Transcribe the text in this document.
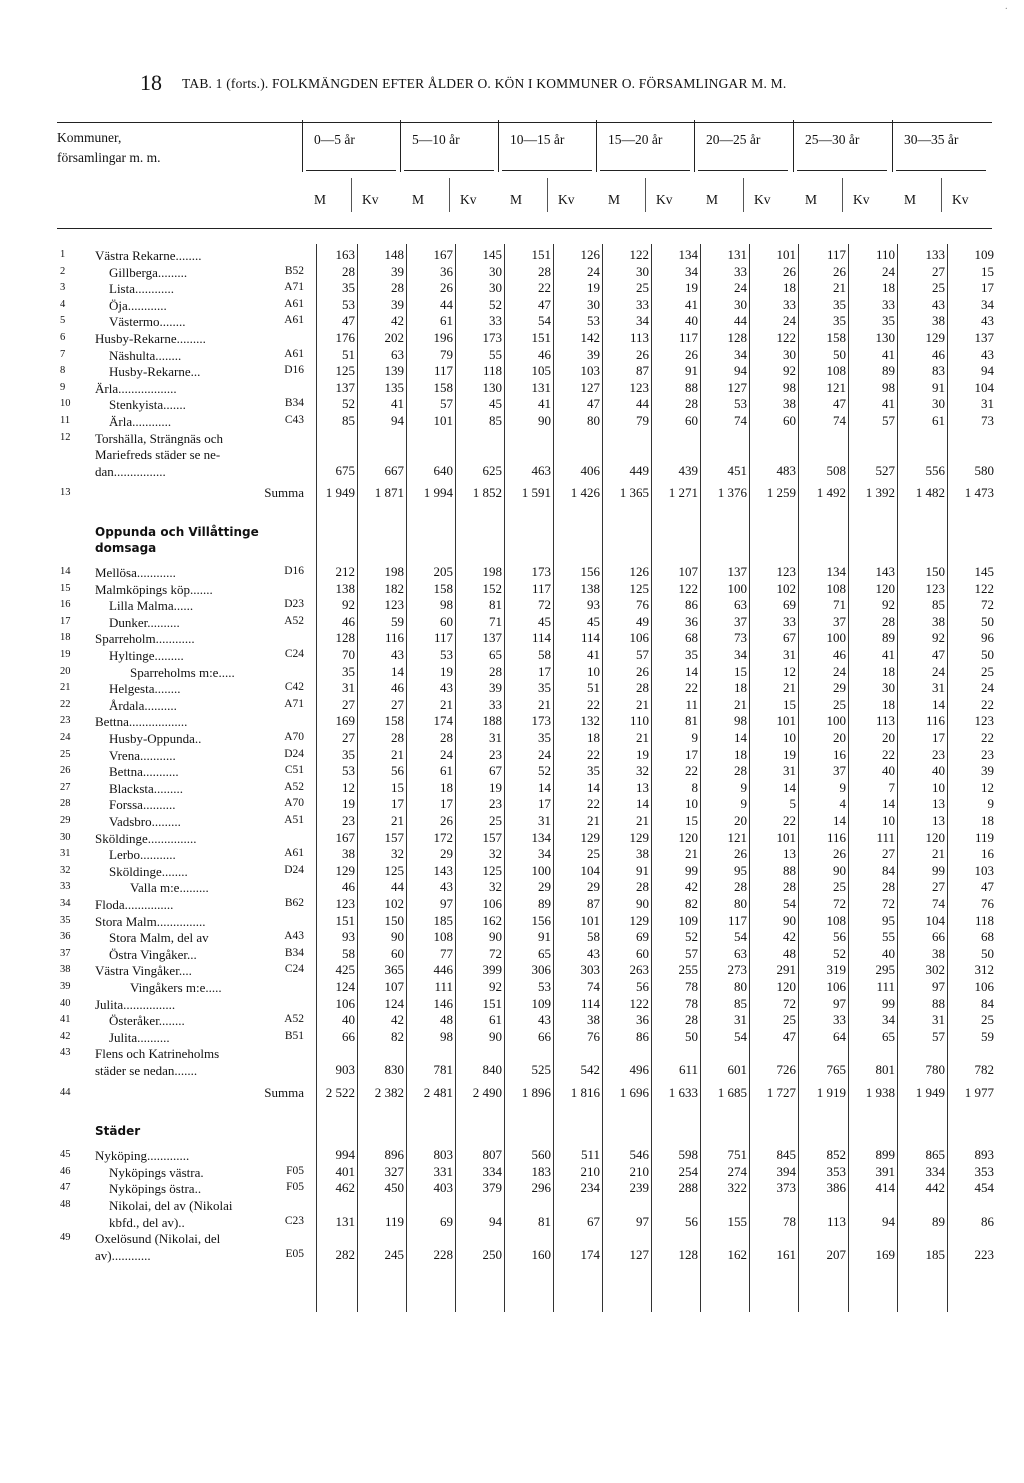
·
18 TAB. 1 (forts.). FOLKMÄNGDEN EFTER ÅLDER O. KÖN I KOMMUNER O. FÖRSAMLINGAR M. M.
Kommuner,
församlingar m. m.
0—5 år
M	Kv
5—10 år
M	Kv
10—15 år
M	Kv
15—20 år
M	Kv
20—25 år
M	Kv
25—30 år
M	Kv
30—35 år
M	Kv
1	Västra Rekarne........	163	148	167	145	151	126	122	134	131	101	117	110	133	109
2	Gillberga.........	B52	28	39	36	30	28	24	30	34	33	26	26	24	27	15
3	Lista............	A71	35	28	26	30	22	19	25	19	24	18	21	18	25	17
4	Öja............	A61	53	39	44	52	47	30	33	41	30	33	35	33	43	34
5	Västermo........	A61	47	42	61	33	54	53	34	40	44	24	35	35	38	43
6	Husby-Rekarne.........	176	202	196	173	151	142	113	117	128	122	158	130	129	137
7	Näshulta........	A61	51	63	79	55	46	39	26	26	34	30	50	41	46	43
8	Husby-Rekarne...	D16	125	139	117	118	105	103	87	91	94	92	108	89	83	94
9	Ärla..................	137	135	158	130	131	127	123	88	127	98	121	98	91	104
10	Stenkyista.......	B34	52	41	57	45	41	47	44	28	53	38	47	41	30	31
11	Ärla............	C43	85	94	101	85	90	80	79	60	74	60	74	57	61	73
12	Torshälla, Strängnäs och
Mariefreds städer se ne-
dan................	675	667	640	625	463	406	449	439	451	483	508	527	556	580
13	Summa	1 949	1 871	1 994	1 852	1 591	1 426	1 365	1 271	1 376	1 259	1 492	1 392	1 482	1 473
Oppunda och Villåttinge
domsaga
14	Mellösa............	D16	212	198	205	198	173	156	126	107	137	123	134	143	150	145
15	Malmköpings köp.......	138	182	158	152	117	138	125	122	100	102	108	120	123	122
16	Lilla Malma......	D23	92	123	98	81	72	93	76	86	63	69	71	92	85	72
17	Dunker..........	A52	46	59	60	71	45	45	49	36	37	33	37	28	38	50
18	Sparreholm............	128	116	117	137	114	114	106	68	73	67	100	89	92	96
19	Hyltinge.........	C24	70	43	53	65	58	41	57	35	34	31	46	41	47	50
20	Sparreholms m:e.....	35	14	19	28	17	10	26	14	15	12	24	18	24	25
21	Helgesta........	C42	31	46	43	39	35	51	28	22	18	21	29	30	31	24
22	Årdala..........	A71	27	27	21	33	21	22	21	11	21	15	25	18	14	22
23	Bettna..................	169	158	174	188	173	132	110	81	98	101	100	113	116	123
24	Husby-Oppunda..	A70	27	28	28	31	35	18	21	9	14	10	20	20	17	22
25	Vrena...........	D24	35	21	24	23	24	22	19	17	18	19	16	22	23	23
26	Bettna...........	C51	53	56	61	67	52	35	32	22	28	31	37	40	40	39
27	Blacksta.........	A52	12	15	18	19	14	14	13	8	9	14	9	7	10	12
28	Forssa..........	A70	19	17	17	23	17	22	14	10	9	5	4	14	13	9
29	Vadsbro.........	A51	23	21	26	25	31	21	21	15	20	22	14	10	13	18
30	Sköldinge...............	167	157	172	157	134	129	129	120	121	101	116	111	120	119
31	Lerbo...........	A61	38	32	29	32	34	25	38	21	26	13	26	27	21	16
32	Sköldinge........	D24	129	125	143	125	100	104	91	99	95	88	90	84	99	103
33	Valla m:e.........	46	44	43	32	29	29	28	42	28	28	25	28	27	47
34	Floda...............	B62	123	102	97	106	89	87	90	82	80	54	72	72	74	76
35	Stora Malm...............	151	150	185	162	156	101	129	109	117	90	108	95	104	118
36	Stora Malm, del av	A43	93	90	108	90	91	58	69	52	54	42	56	55	66	68
37	Östra Vingåker...	B34	58	60	77	72	65	43	60	57	63	48	52	40	38	50
38	Västra Vingåker....	C24	425	365	446	399	306	303	263	255	273	291	319	295	302	312
39	Vingåkers m:e.....	124	107	111	92	53	74	56	78	80	120	106	111	97	106
40	Julita................	106	124	146	151	109	114	122	78	85	72	97	99	88	84
41	Österåker........	A52	40	42	48	61	43	38	36	28	31	25	33	34	31	25
42	Julita..........	B51	66	82	98	90	66	76	86	50	54	47	64	65	57	59
43	Flens och Katrineholms
städer se nedan.......	903	830	781	840	525	542	496	611	601	726	765	801	780	782
44	Summa	2 522	2 382	2 481	2 490	1 896	1 816	1 696	1 633	1 685	1 727	1 919	1 938	1 949	1 977
Städer
45	Nyköping.............	994	896	803	807	560	511	546	598	751	845	852	899	865	893
46	Nyköpings västra.	F05	401	327	331	334	183	210	210	254	274	394	353	391	334	353
47	Nyköpings östra..	F05	462	450	403	379	296	234	239	288	322	373	386	414	442	454
48	Nikolai, del av (Nikolai
kbfd., del av)..	C23	131	119	69	94	81	67	97	56	155	78	113	94	89	86
49	Oxelösund (Nikolai, del
av)............	E05	282	245	228	250	160	174	127	128	162	161	207	169	185	223
